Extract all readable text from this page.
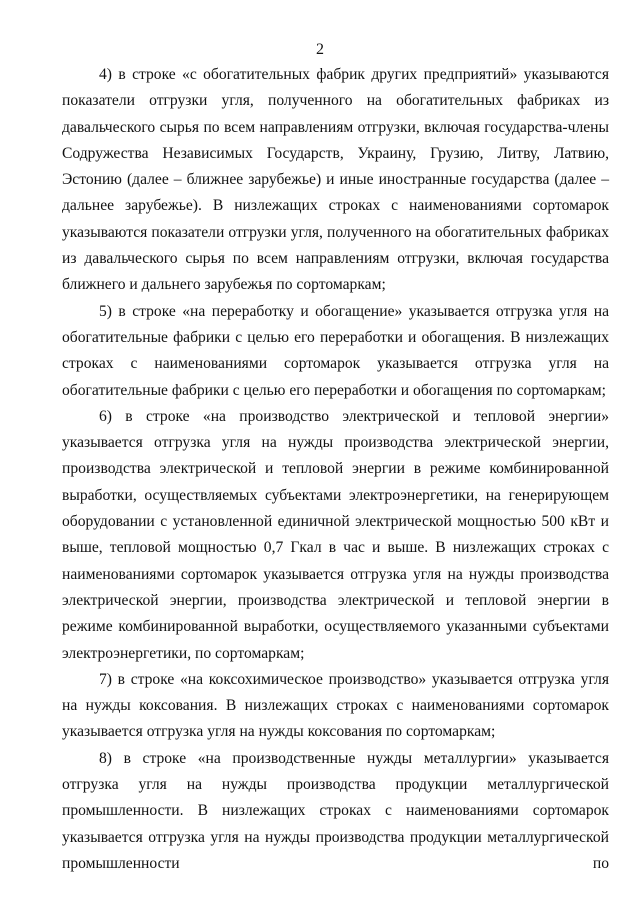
2

4) в строке «с обогатительных фабрик других предприятий» указываются показатели отгрузки угля, полученного на обогатительных фабриках из давальческого сырья по всем направлениям отгрузки, включая государства-члены Содружества Независимых Государств, Украину, Грузию, Литву, Латвию, Эстонию (далее – ближнее зарубежье) и иные иностранные государства (далее – дальнее зарубежье). В низлежащих строках с наименованиями сортомарок указываются показатели отгрузки угля, полученного на обогатительных фабриках из давальческого сырья по всем направлениям отгрузки, включая государства ближнего и дальнего зарубежья по сортомаркам;

5) в строке «на переработку и обогащение» указывается отгрузка угля на обогатительные фабрики с целью его переработки и обогащения. В низлежащих строках с наименованиями сортомарок указывается отгрузка угля на обогатительные фабрики с целью его переработки и обогащения по сортомаркам;

6) в строке «на производство электрической и тепловой энергии» указывается отгрузка угля на нужды производства электрической энергии, производства электрической и тепловой энергии в режиме комбинированной выработки, осуществляемых субъектами электроэнергетики, на генерирующем оборудовании с установленной единичной электрической мощностью 500 кВт и выше, тепловой мощностью 0,7 Гкал в час и выше. В низлежащих строках с наименованиями сортомарок указывается отгрузка угля на нужды производства электрической энергии, производства электрической и тепловой энергии в режиме комбинированной выработки, осуществляемого указанными субъектами электроэнергетики, по сортомаркам;

7) в строке «на коксохимическое производство» указывается отгрузка угля на нужды коксования. В низлежащих строках с наименованиями сортомарок указывается отгрузка угля на нужды коксования по сортомаркам;

8) в строке «на производственные нужды металлургии» указывается отгрузка угля на нужды производства продукции металлургической промышленности. В низлежащих строках с наименованиями сортомарок указывается отгрузка угля на нужды производства продукции металлургической промышленности по
